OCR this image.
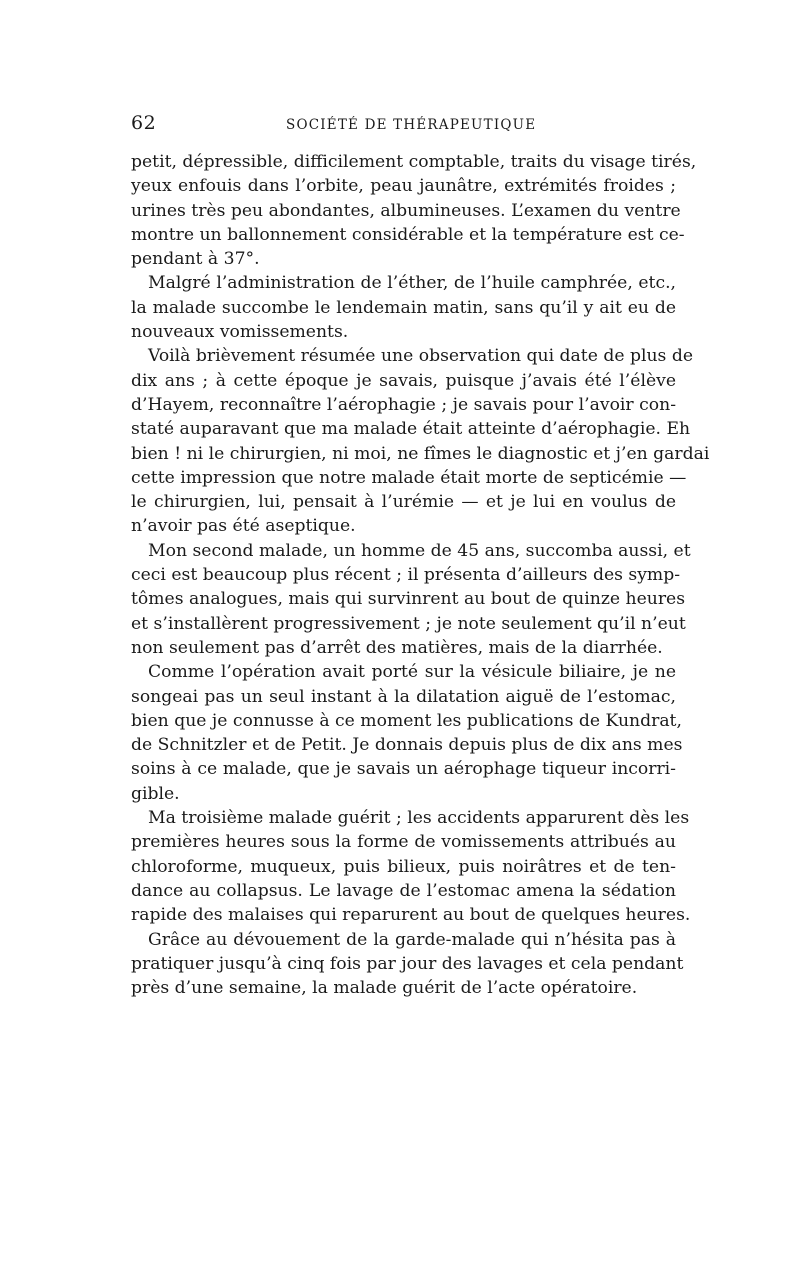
62	SOCIÉTÉ DE THÉRAPEUTIQUE
petit, dépressible, difficilement comptable, traits du visage tirés,
yeux enfouis dans l’orbite, peau jaunâtre, extrémités froides ;
urines très peu abondantes, albumineuses. L’examen du ventre
montre un ballonnement considérable et la température est ce-
pendant à 37°.
Malgré l’administration de l’éther, de l’huile camphrée, etc.,
la malade succombe le lendemain matin, sans qu’il y ait eu de
nouveaux vomissements.
Voilà brièvement résumée une observation qui date de plus de
dix ans ; à cette époque je savais, puisque j’avais été l’élève
d’Hayem, reconnaître l’aérophagie ; je savais pour l’avoir con-
staté auparavant que ma malade était atteinte d’aérophagie. Eh
bien ! ni le chirurgien, ni moi, ne fîmes le diagnostic et j’en gardai
cette impression que notre malade était morte de septicémie —
le chirurgien, lui, pensait à l’urémie — et je lui en voulus de
n’avoir pas été aseptique.
Mon second malade, un homme de 45 ans, succomba aussi, et
ceci est beaucoup plus récent ; il présenta d’ailleurs des symp-
tômes analogues, mais qui survinrent au bout de quinze heures
et s’installèrent progressivement ; je note seulement qu’il n’eut
non seulement pas d’arrêt des matières, mais de la diarrhée.
Comme l’opération avait porté sur la vésicule biliaire, je ne
songeai pas un seul instant à la dilatation aiguë de l’estomac,
bien que je connusse à ce moment les publications de Kundrat,
de Schnitzler et de Petit. Je donnais depuis plus de dix ans mes
soins à ce malade, que je savais un aérophage tiqueur incorri-
gible.
Ma troisième malade guérit ; les accidents apparurent dès les
premières heures sous la forme de vomissements attribués au
chloroforme, muqueux, puis bilieux, puis noirâtres et de ten-
dance au collapsus. Le lavage de l’estomac amena la sédation
rapide des malaises qui reparurent au bout de quelques heures.
Grâce au dévouement de la garde-malade qui n’hésita pas à
pratiquer jusqu’à cinq fois par jour des lavages et cela pendant
près d’une semaine, la malade guérit de l’acte opératoire.
